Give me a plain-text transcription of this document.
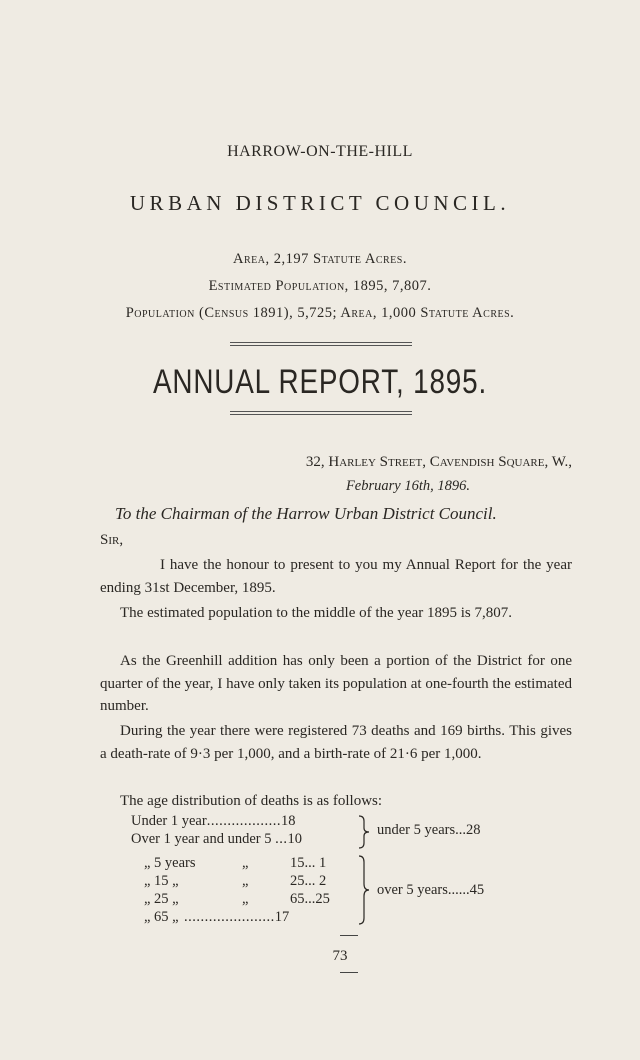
HARROW-ON-THE-HILL
URBAN DISTRICT COUNCIL.
Area, 2,197 Statute Acres.
Estimated Population, 1895, 7,807.
Population (Census 1891), 5,725; Area, 1,000 Statute Acres.
ANNUAL REPORT, 1895.
32, Harley Street, Cavendish Square, W.,
February 16th, 1896.
To the Chairman of the Harrow Urban District Council.
Sir,
I have the honour to present to you my Annual Report for the year ending 31st December, 1895.
The estimated population to the middle of the year 1895 is 7,807.
As the Greenhill addition has only been a portion of the District for one quarter of the year, I have only taken its population at one-fourth the estimated number.
During the year there were registered 73 deaths and 169 births. This gives a death-rate of 9·3 per 1,000, and a birth-rate of 21·6 per 1,000.
The age distribution of deaths is as follows:
Under 1 year..................18
Over 1 year and under 5 ...10
under 5 years...28
„ 5 years	„	15... 1
„ 15 „	„	25... 2
„ 25 „	„	65...25
„ 65 „ ......................17
over 5 years......45
73
